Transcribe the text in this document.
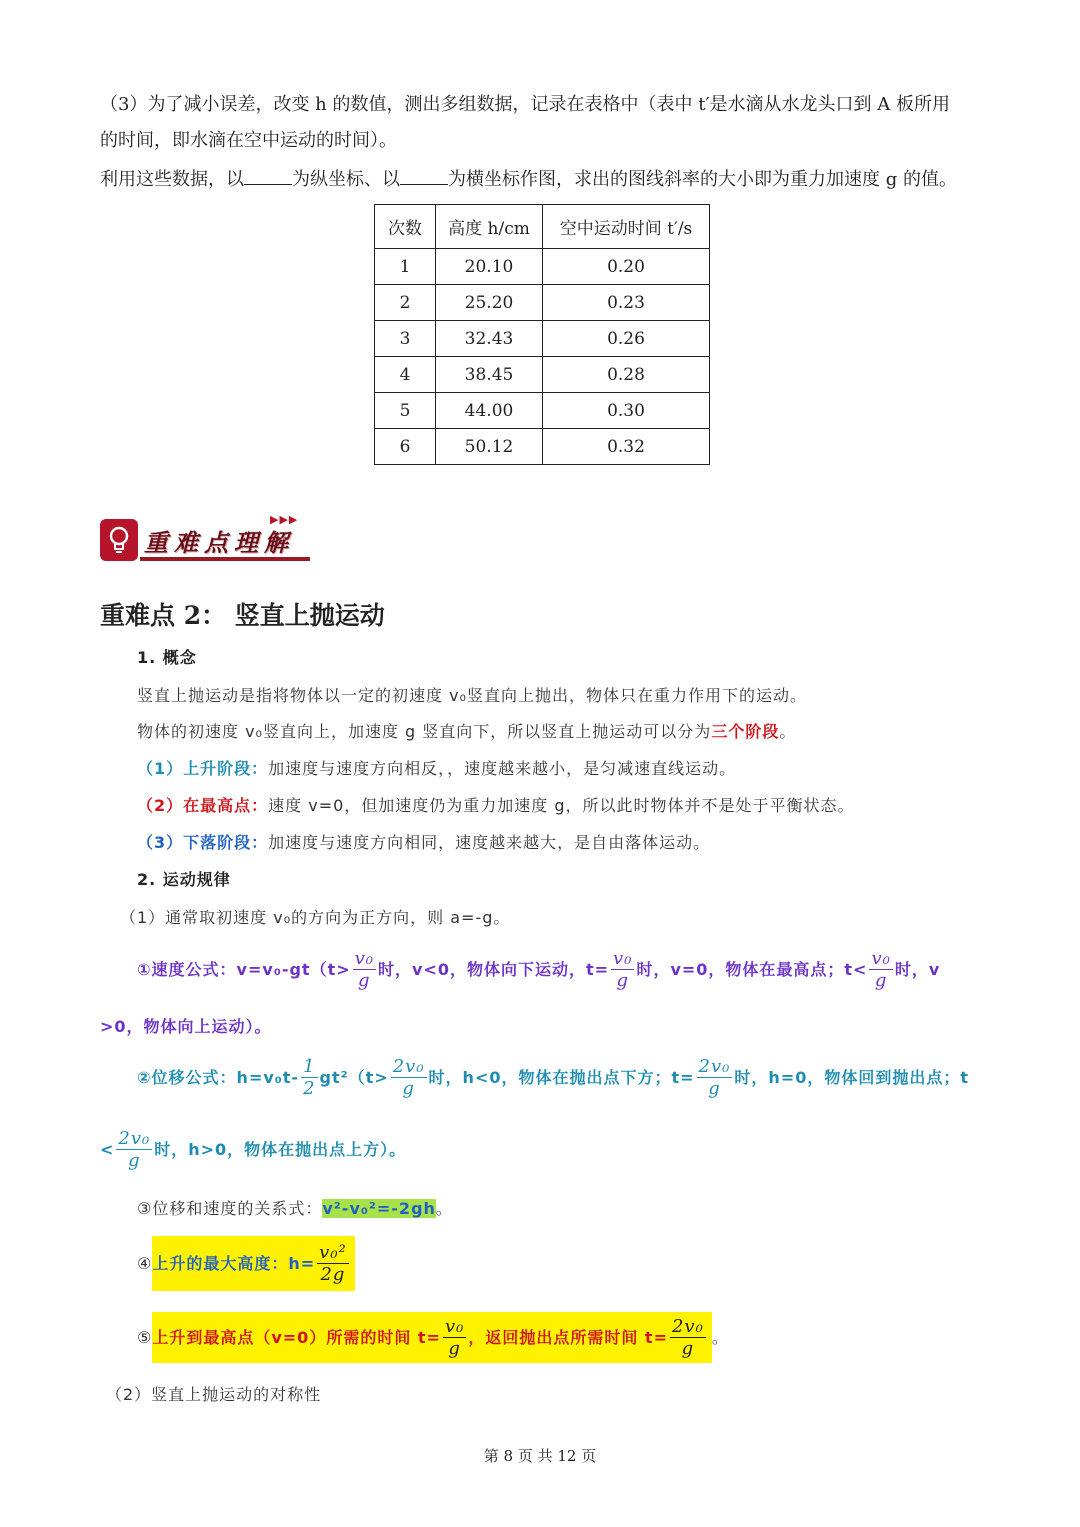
（3）为了减小误差，改变 h 的数值，测出多组数据，记录在表格中（表中 t′是水滴从水龙头口到 A 板所用
的时间，即水滴在空中运动的时间）。
利用这些数据，以	为纵坐标、以	为横坐标作图，求出的图线斜率的大小即为重力加速度 g 的值。
次数	高度 h/cm	空中运动时间 t′/s
1	20.10	0.20
2	25.20	0.23
3	32.43	0.26
4	38.45	0.28
5	44.00	0.30
6	50.12	0.32
▶▶▶
重难点理解
重难点 2： 竖直上抛运动
1. 概念
竖直上抛运动是指将物体以一定的初速度 v₀竖直向上抛出，物体只在重力作用下的运动。
物体的初速度 v₀竖直向上，加速度 g 竖直向下，所以竖直上抛运动可以分为三个阶段。
（1）上升阶段：加速度与速度方向相反，，速度越来越小，是匀减速直线运动。
（2）在最高点：速度 v=0，但加速度仍为重力加速度 g，所以此时物体并不是处于平衡状态。
（3）下落阶段：加速度与速度方向相同，速度越来越大，是自由落体运动。
2. 运动规律
（1）通常取初速度 v₀的方向为正方向，则 a=-g。
①速度公式：$v=v_0-gt(t> \frac{\text{v₀}}{g}$ 时，v<0，物体向下运动，$t= \frac{\text{v₀}}{g}$ 时，v=0，物体在最高点；$t< \frac{\text{v₀}}{g}$ 时，v
>0，物体向上运动）。
②位移公式：$h=v_0t- \frac{1}{2} gt^2(t> \frac{\text{2v₀}}{g}$ 时，h<0，物体在抛出点下方；$t= \frac{\text{2v₀}}{g}$ 时，h=0，物体回到抛出点；t
< $\frac{\text{2v₀}}{g}$ 时，h>0，物体在抛出点上方）。
③位移和速度的关系式：v²-v₀²=-2gh。
④ 上升的最大高度：$h= \frac{\text{v₀²}}{2g}$
⑤ 上升到最高点（v=0）所需的时间 $t= \frac{\text{v₀}}{g}$ ，返回抛出点所需时间 $t= \frac{\text{2v₀}}{g}$ 。
（2）竖直上抛运动的对称性
第 8 页 共 12 页
